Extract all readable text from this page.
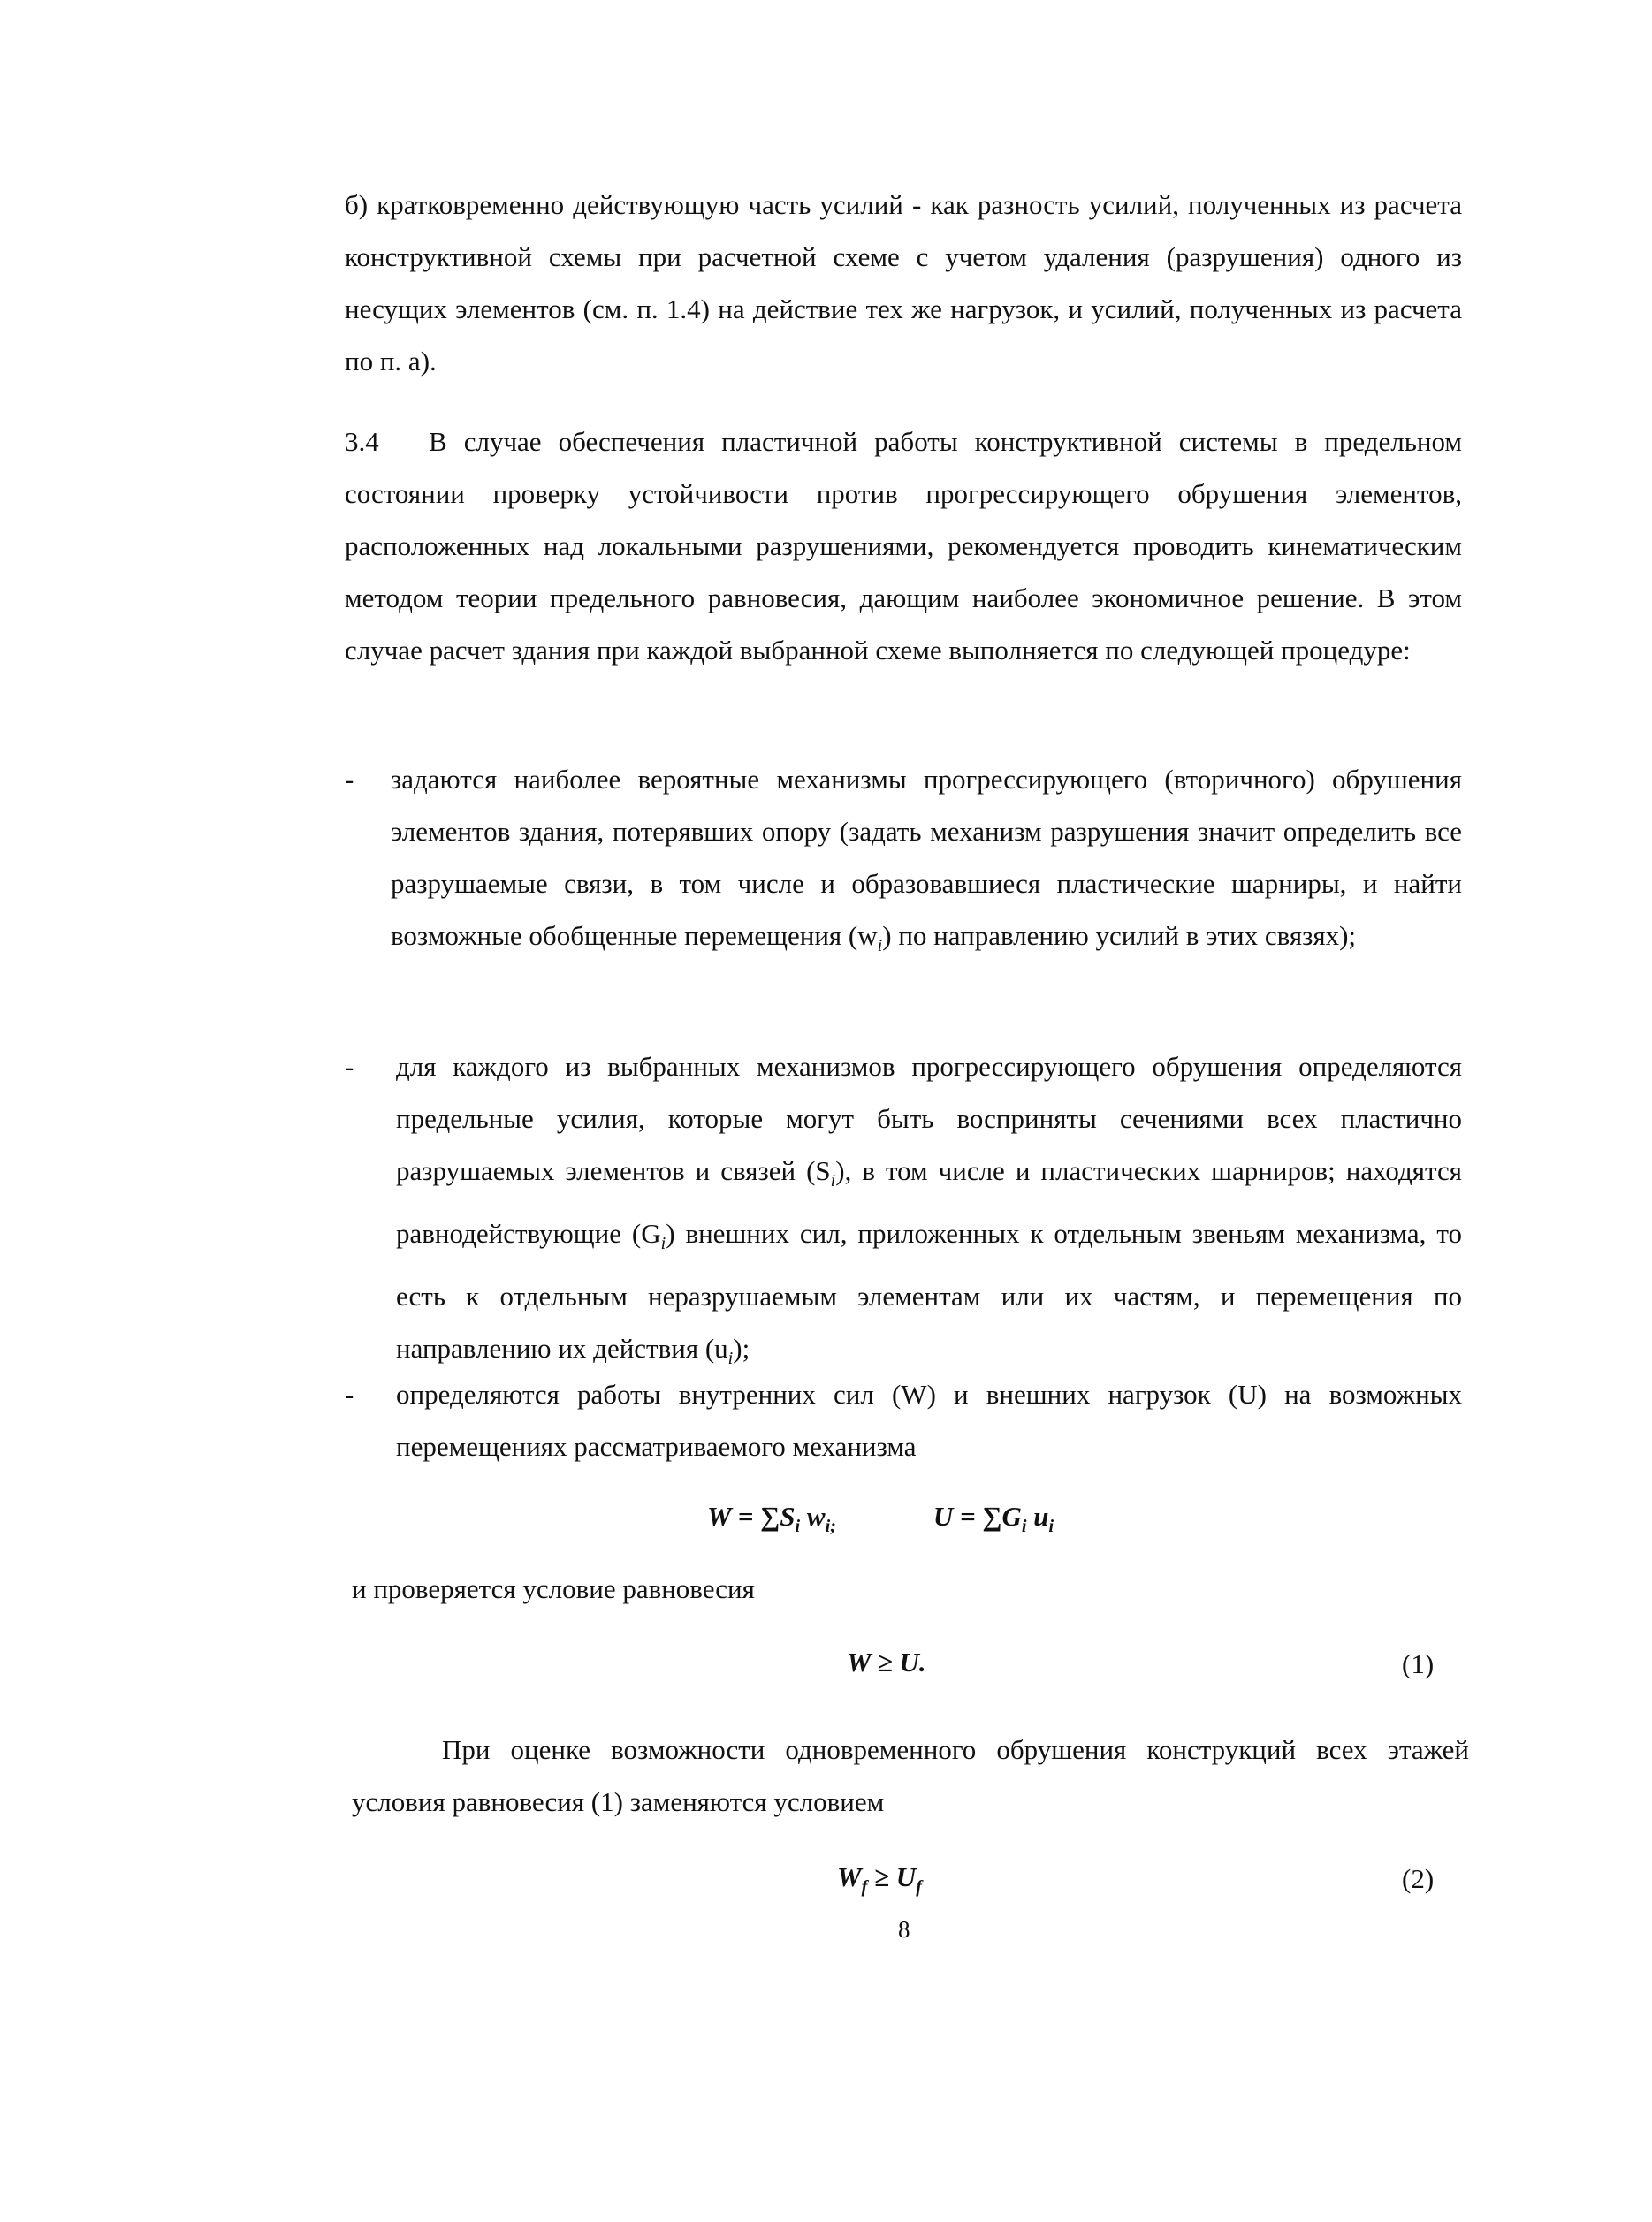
б) кратковременно действующую часть усилий - как разность усилий, полученных из расчета конструктивной схемы при расчетной схеме с учетом удаления (разрушения) одного из несущих элементов (см. п. 1.4) на действие тех же нагрузок, и усилий, полученных из расчета по п. а).
3.4 В случае обеспечения пластичной работы конструктивной системы в предельном состоянии проверку устойчивости против прогрессирующего обрушения элементов, расположенных над локальными разрушениями, рекомендуется проводить кинематическим методом теории предельного равновесия, дающим наиболее экономичное решение. В этом случае расчет здания при каждой выбранной схеме выполняется по следующей процедуре:
-	задаются наиболее вероятные механизмы прогрессирующего (вторичного) обрушения элементов здания, потерявших опору (задать механизм разрушения значит определить все разрушаемые связи, в том числе и образовавшиеся пластические шарниры, и найти возможные обобщенные перемещения $(w_i)$ по направлению усилий в этих связях);
-	для каждого из выбранных механизмов прогрессирующего обрушения определяются предельные усилия, которые могут быть восприняты сечениями всех пластично разрушаемых элементов и связей $(S_i)$, в том числе и пластических шарниров; находятся равнодействующие $(G_i)$ внешних сил, приложенных к отдельным звеньям механизма, то есть к отдельным неразрушаемым элементам или их частям, и перемещения по направлению их действия $(u_i)$;
-	определяются работы внутренних сил (W) и внешних нагрузок (U) на возможных перемещениях рассматриваемого механизма
$W = \sum S_i$ $w_{i;}$	$U = \sum G_i$ $u_i$
и проверяется условие равновесия
W ≥ U.	(1)
При оценке возможности одновременного обрушения конструкций всех этажей условия равновесия (1) заменяются условием
$W_f \ge U_f$	(2)
8
